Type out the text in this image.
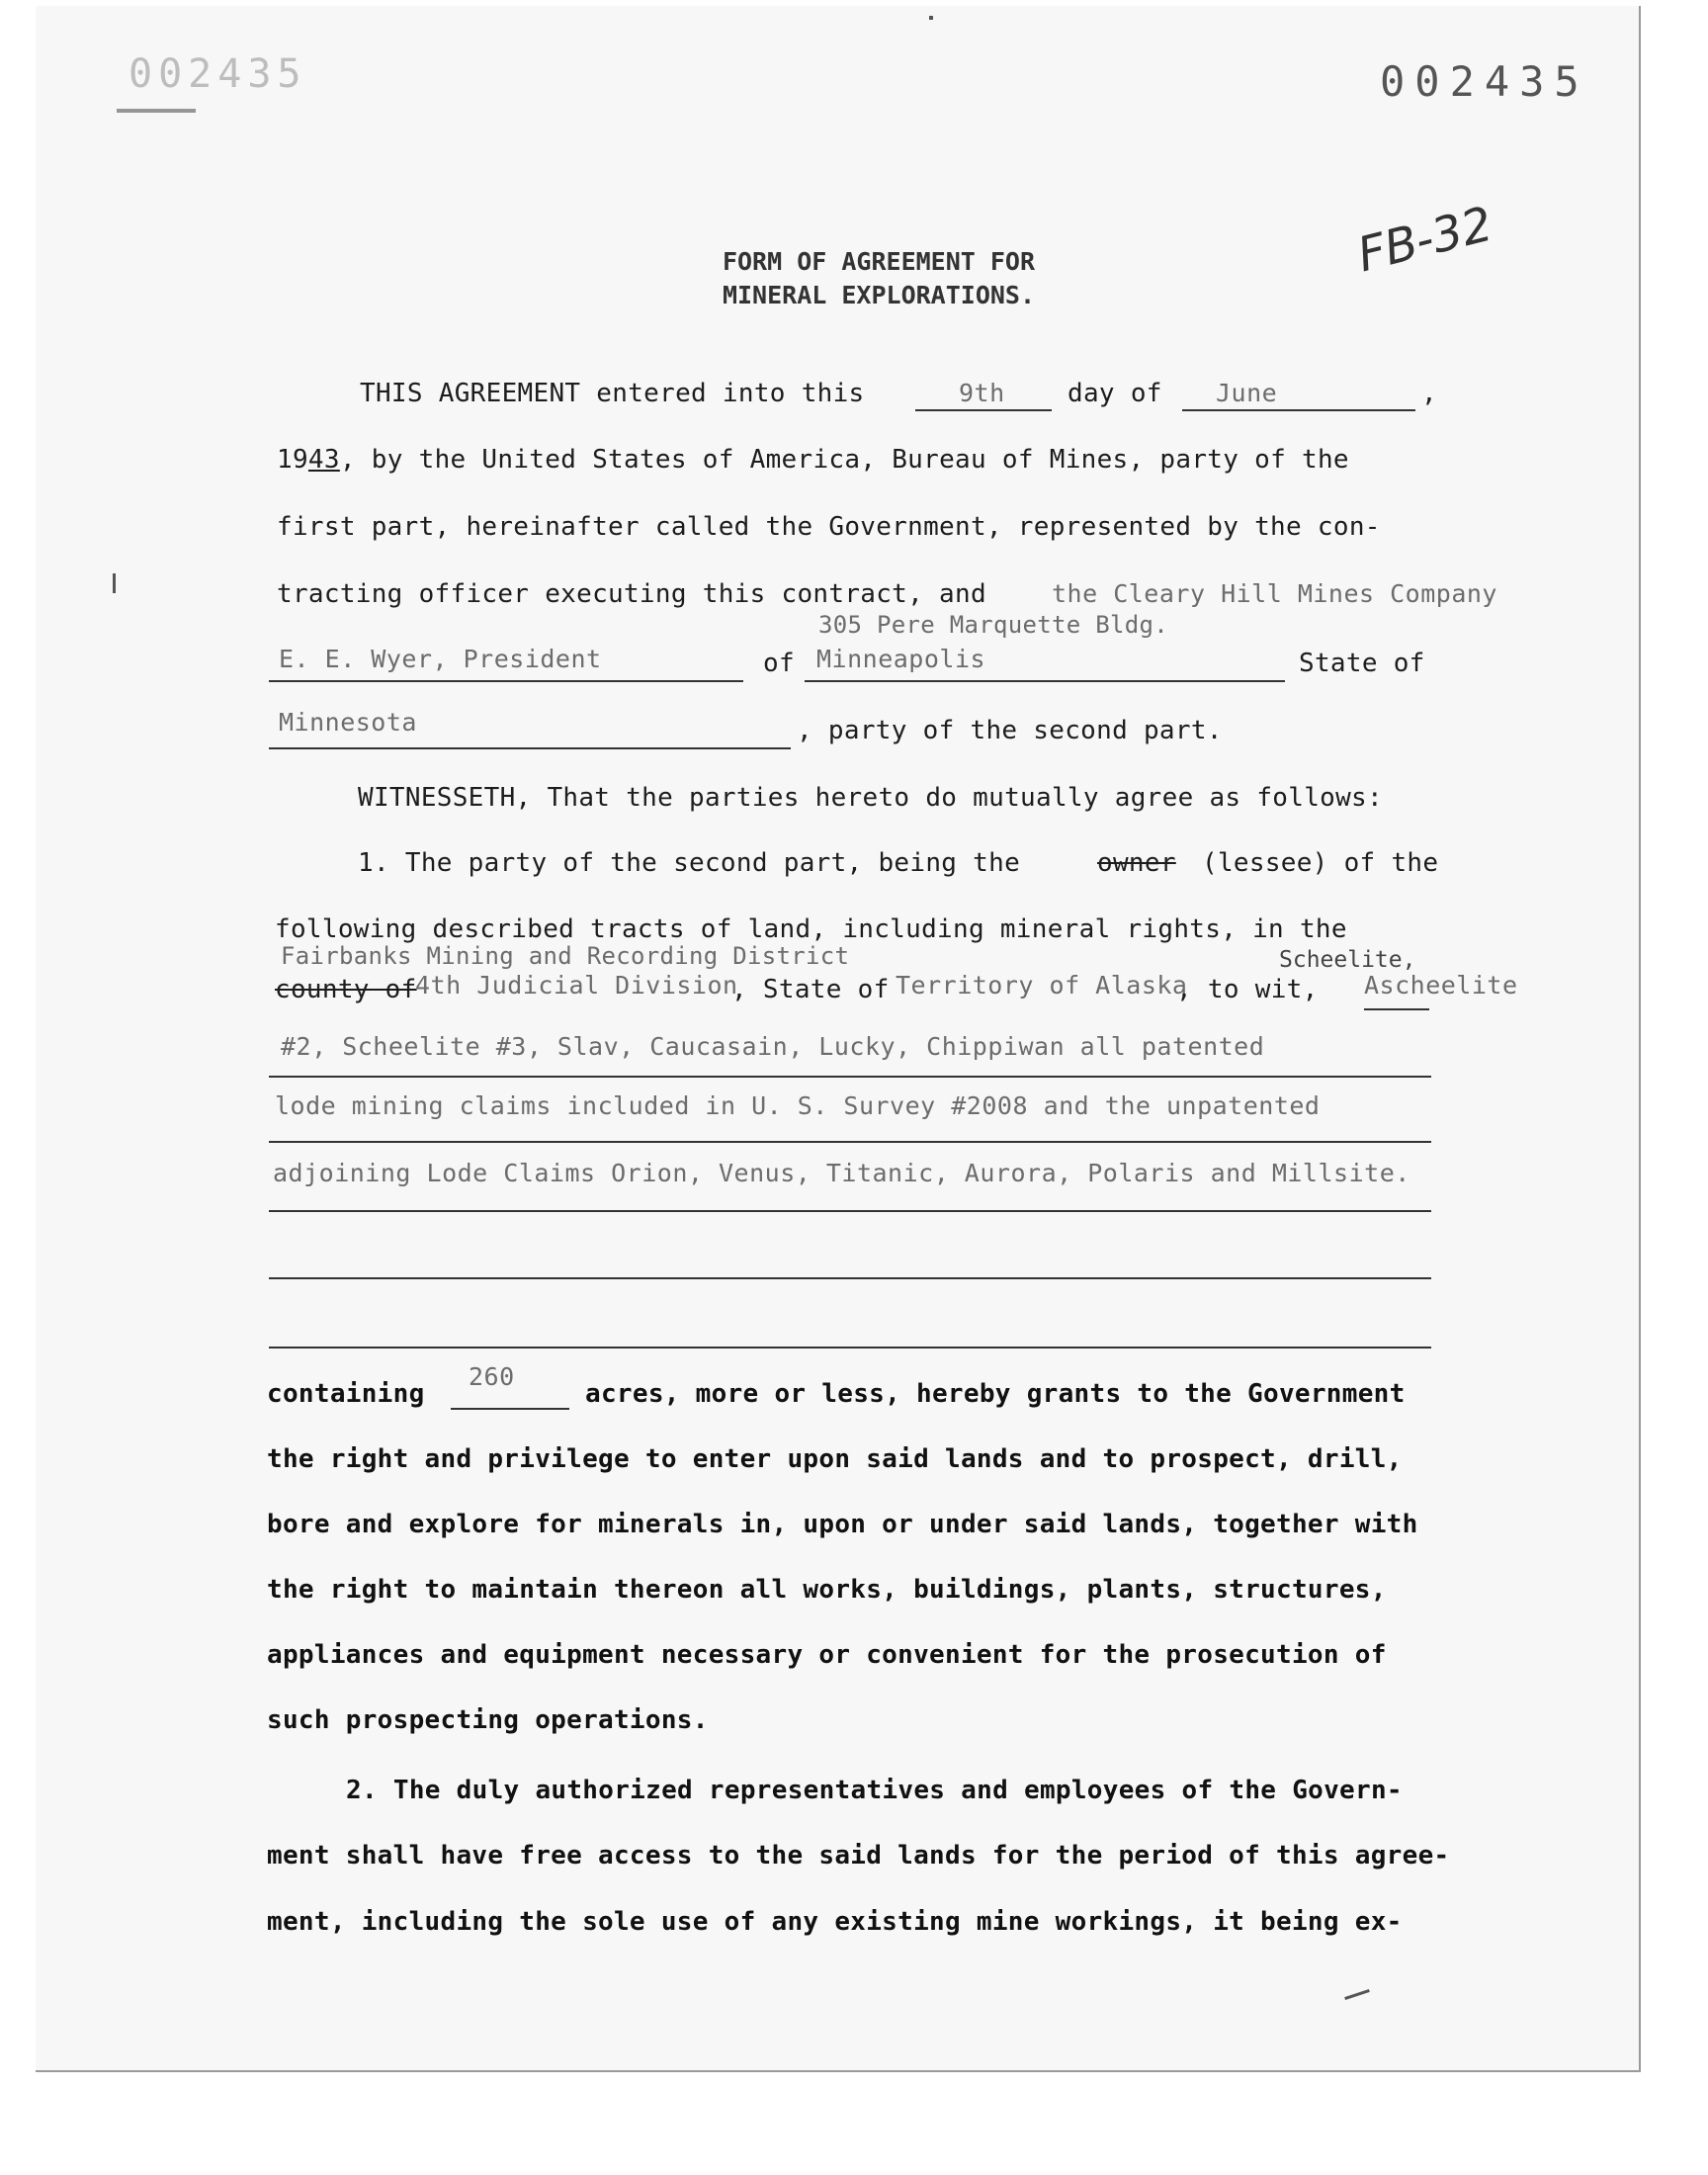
002435	002435
FB-32
FORM OF AGREEMENT FOR
MINERAL EXPLORATIONS.
THIS AGREEMENT entered into this	9th day of June	,
1943, by the United States of America, Bureau of Mines, party of the
first part, hereinafter called the Government, represented by the con-
tracting officer executing this contract, and	the Cleary Hill Mines Company
305 Pere Marquette Bldg.
E. E. Wyer, President	of Minneapolis	State of
Minnesota	, party of the second part.
WITNESSETH, That the parties hereto do mutually agree as follows:
1. The party of the second part, being the	owner (lessee) of the
following described tracts of land, including mineral rights, in the
Fairbanks Mining and Recording District	Scheelite,
county of
4th Judicial Division
, State of Territory of Alaska
, to wit, Ascheelite
#2, Scheelite #3, Slav, Caucasain, Lucky, Chippiwan all patented
lode mining claims included in U. S. Survey #2008 and the unpatented
adjoining Lode Claims Orion, Venus, Titanic, Aurora, Polaris and Millsite.
containing
260
acres, more or less, hereby grants to the Government
the right and privilege to enter upon said lands and to prospect, drill,
bore and explore for minerals in, upon or under said lands, together with
the right to maintain thereon all works, buildings, plants, structures,
appliances and equipment necessary or convenient for the prosecution of
such prospecting operations.
2. The duly authorized representatives and employees of the Govern-
ment shall have free access to the said lands for the period of this agree-
ment, including the sole use of any existing mine workings, it being ex-
